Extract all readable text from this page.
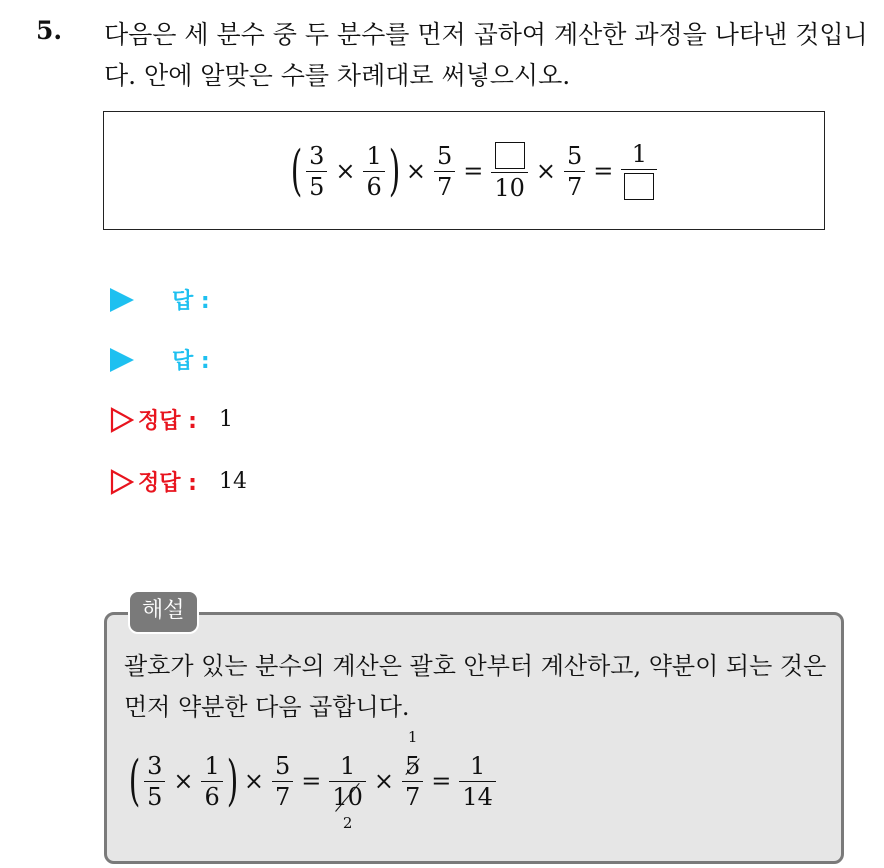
5. 다음은 세 분수 중 두 분수를 먼저 곱하여 계산한 과정을 나타낸 것입니다. 안에 알맞은 수를 차례대로 써넣으시오.
( $\frac{3}{5} \times \frac{1}{6}$ ) × $\frac{5}{7}$ =
10
× $\frac{5}{7}$ =
1
답 :
답 :
정답 : 1
정답 : 14
해설
괄호가 있는 분수의 계산은 괄호 안부터 계산하고, 약분이 되는 것은 먼저 약분한 다음 곱합니다.
( $\frac{3}{5} \times \frac{1}{6}$ ) × $\frac{5}{7}$ =
1
10
2
×
5
7
1
= $\frac{1}{14}$
